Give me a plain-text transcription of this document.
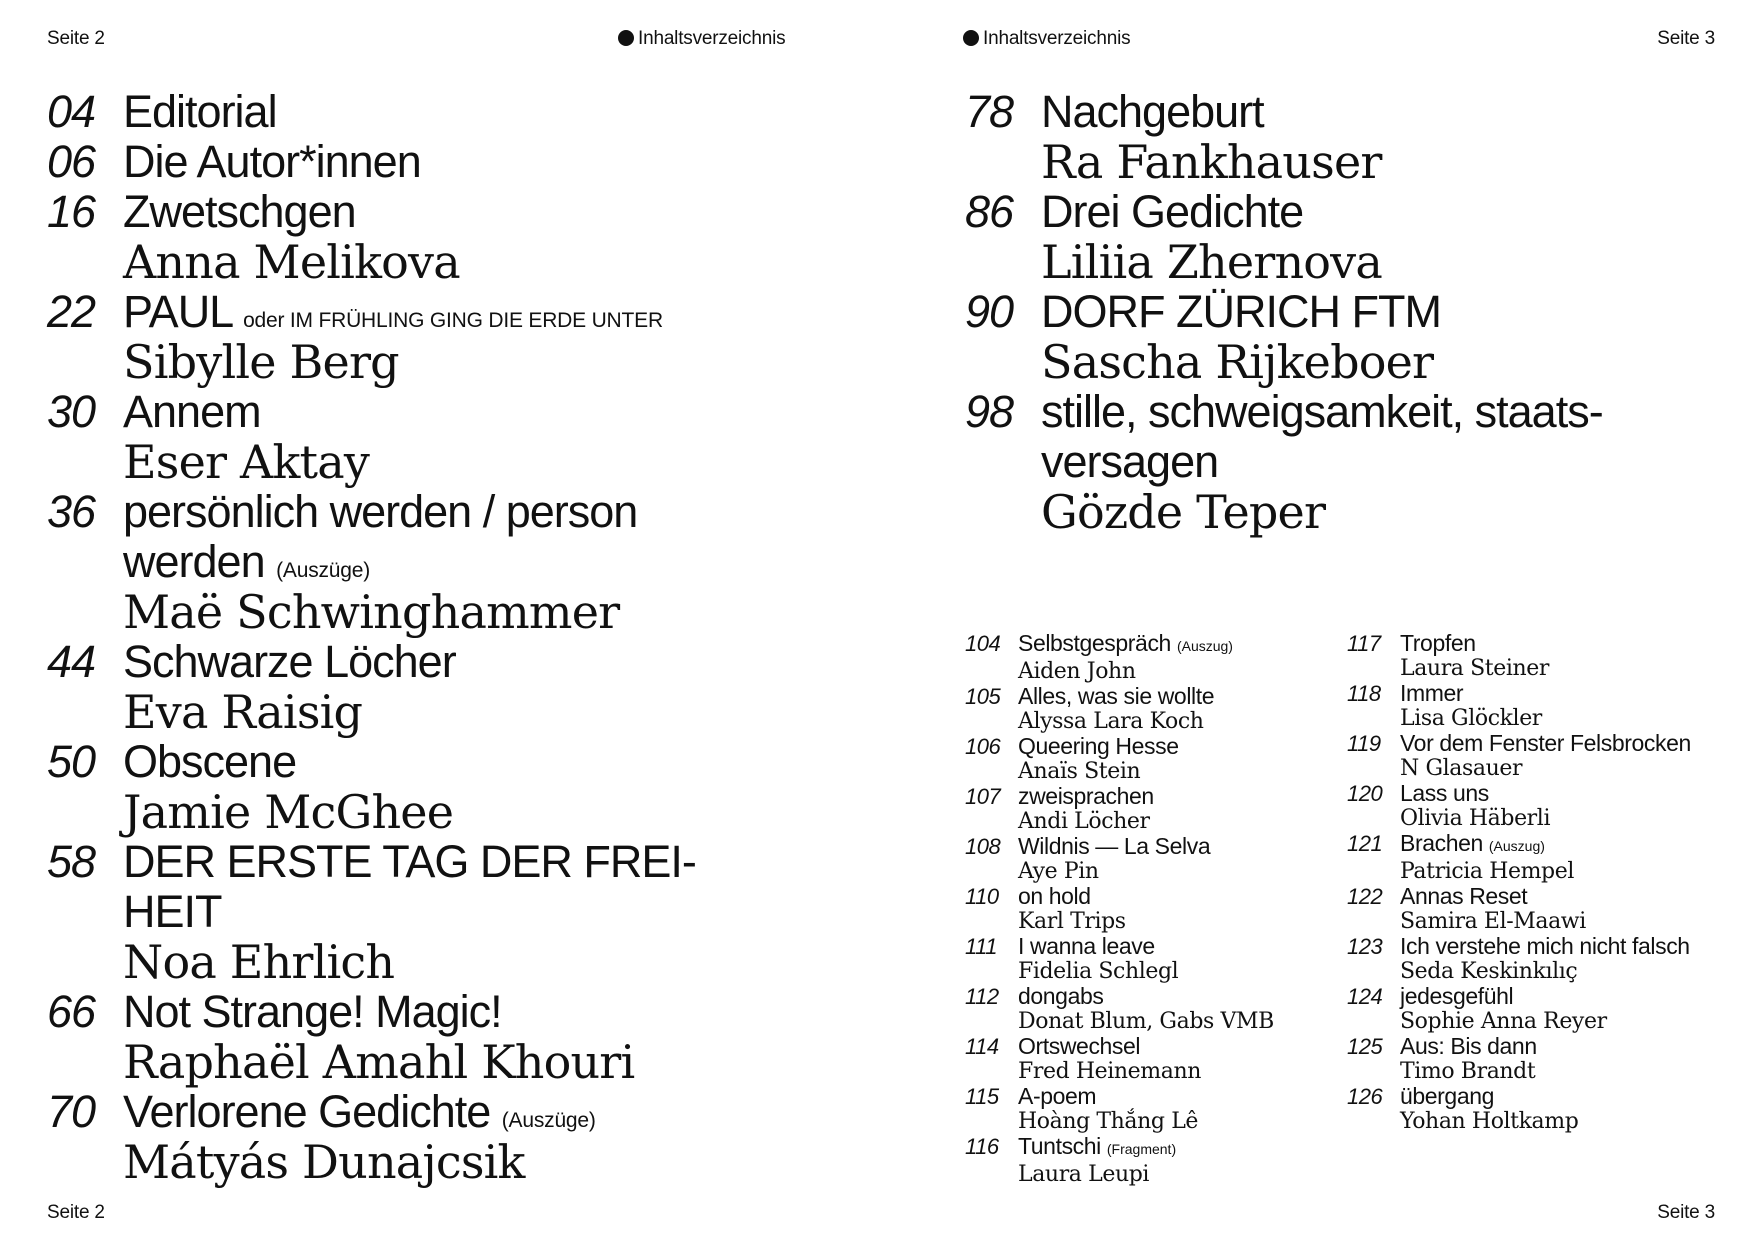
Seite 2	Inhaltsverzeichnis	Inhaltsverzeichnis	Seite 3
04 Editorial
06 Die Autor*innen
16 Zwetschgen
Anna Melikova
22 PAUL oder IM FRÜHLING GING DIE ERDE UNTER
Sibylle Berg
30 Annem
Eser Aktay
36 persönlich werden / person
werden (Auszüge)
Maë Schwinghammer
44 Schwarze Löcher
Eva Raisig
50 Obscene
Jamie McGhee
58 DER ERSTE TAG DER FREI-
HEIT
Noa Ehrlich
66 Not Strange! Magic!
Raphaël Amahl Khouri
70 Verlorene Gedichte (Auszüge)
Mátyás Dunajcsik
78 Nachgeburt
Ra Fankhauser
86 Drei Gedichte
Liliia Zhernova
90 DORF ZÜRICH FTM
Sascha Rijkeboer
98 stille, schweigsamkeit, staats-
versagen
Gözde Teper
104 Selbstgespräch (Auszug)
Aiden John
105 Alles, was sie wollte
Alyssa Lara Koch
106 Queering Hesse
Anaïs Stein
107 zweisprachen
Andi Löcher
108 Wildnis — La Selva
Aye Pin
110 on hold
Karl Trips
111 I wanna leave
Fidelia Schlegl
112 dongabs
Donat Blum, Gabs VMB
114 Ortswechsel
Fred Heinemann
115 A-poem
Hoàng Thắng Lê
116 Tuntschi (Fragment)
Laura Leupi
117 Tropfen
Laura Steiner
118 Immer
Lisa Glöckler
119 Vor dem Fenster Felsbrocken
N Glasauer
120 Lass uns
Olivia Häberli
121 Brachen (Auszug)
Patricia Hempel
122 Annas Reset
Samira El-Maawi
123 Ich verstehe mich nicht falsch
Seda Keskinkılıç
124 jedesgefühl
Sophie Anna Reyer
125 Aus: Bis dann
Timo Brandt
126 übergang
Yohan Holtkamp
Seite 2	Seite 3
